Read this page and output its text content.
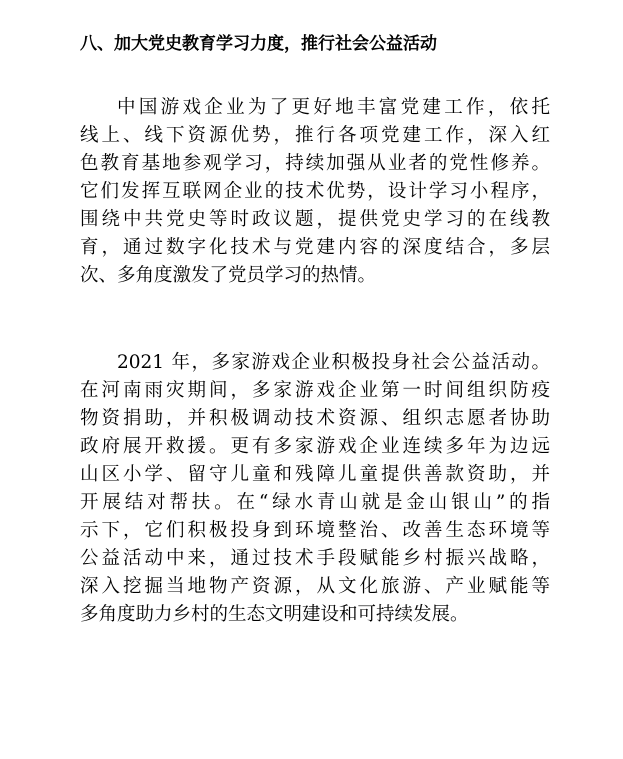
八、加大党史教育学习力度，推行社会公益活动

中国游戏企业为了更好地丰富党建工作，依托

线上、线下资源优势，推行各项党建工作，深入红

色教育基地参观学习，持续加强从业者的党性修养。

它们发挥互联网企业的技术优势，设计学习小程序，

围绕中共党史等时政议题，提供党史学习的在线教

育，通过数字化技术与党建内容的深度结合，多层

次、多角度激发了党员学习的热情。

2021 年，多家游戏企业积极投身社会公益活动。

在河南雨灾期间，多家游戏企业第一时间组织防疫

物资捐助，并积极调动技术资源、组织志愿者协助

政府展开救援。更有多家游戏企业连续多年为边远

山区小学、留守儿童和残障儿童提供善款资助，并

开展结对帮扶。在“绿水青山就是金山银山”的指

示下，它们积极投身到环境整治、改善生态环境等

公益活动中来，通过技术手段赋能乡村振兴战略，

深入挖掘当地物产资源，从文化旅游、产业赋能等

多角度助力乡村的生态文明建设和可持续发展。
